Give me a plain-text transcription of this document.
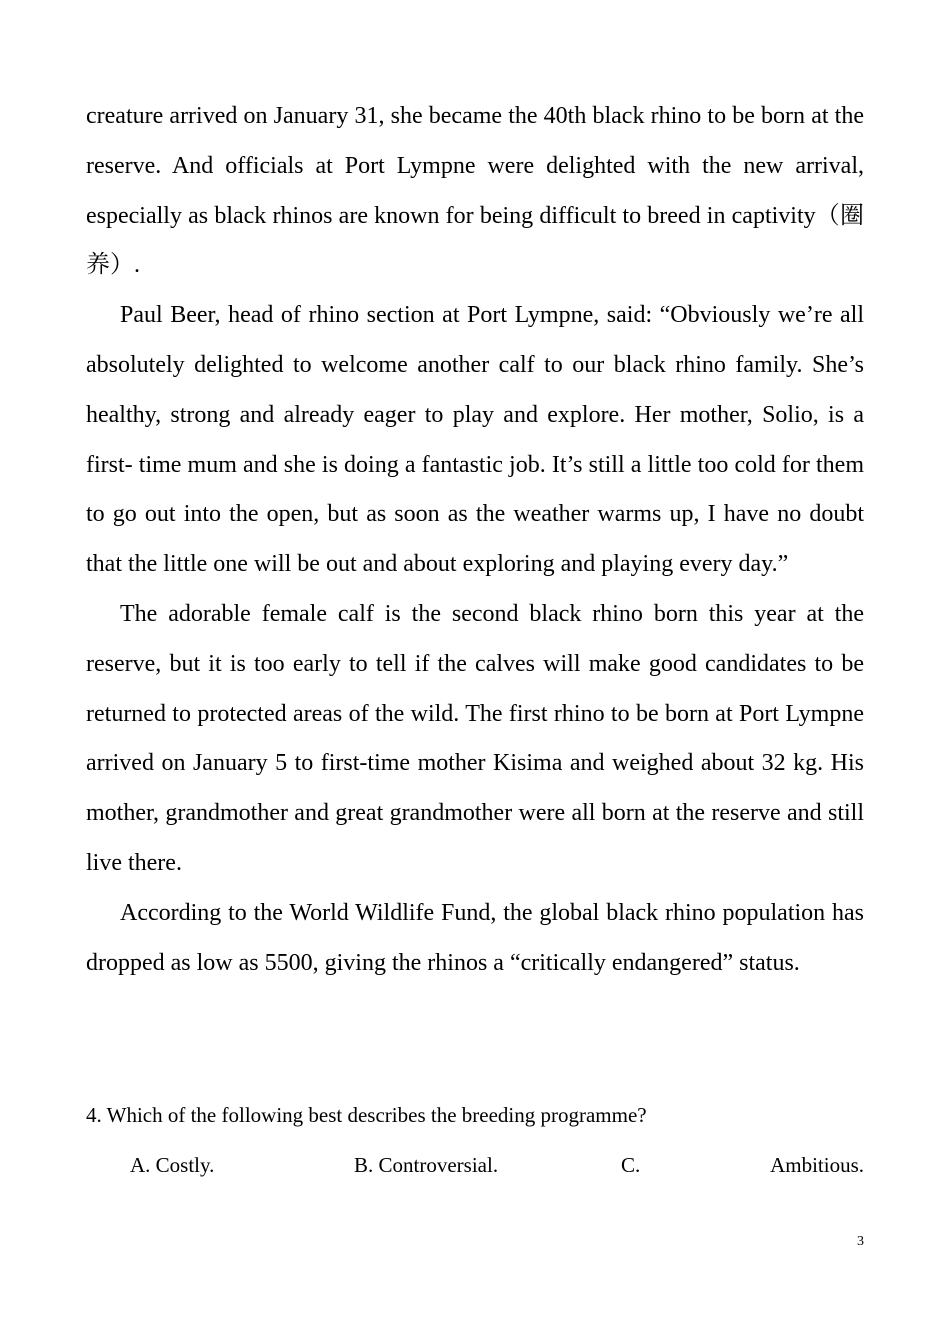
creature arrived on January 31, she became the 40th black rhino to be born at the reserve. And officials at Port Lympne were delighted with the new arrival, especially as black rhinos are known for being difficult to breed in captivity（圈养）.

Paul Beer, head of rhino section at Port Lympne, said: “Obviously we’re all absolutely delighted to welcome another calf to our black rhino family. She’s healthy, strong and already eager to play and explore. Her mother, Solio, is a first- time mum and she is doing a fantastic job. It’s still a little too cold for them to go out into the open, but as soon as the weather warms up, I have no doubt that the little one will be out and about exploring and playing every day.”

The adorable female calf is the second black rhino born this year at the reserve, but it is too early to tell if the calves will make good candidates to be returned to protected areas of the wild. The first rhino to be born at Port Lympne arrived on January 5 to first-time mother Kisima and weighed about 32 kg. His mother, grandmother and great grandmother were all born at the reserve and still live there.

According to the World Wildlife Fund, the global black rhino population has dropped as low as 5500, giving the rhinos a “critically endangered” status.

4. Which of the following best describes the breeding programme?

A. Costly.	B. Controversial.	C.	Ambitious.
3
